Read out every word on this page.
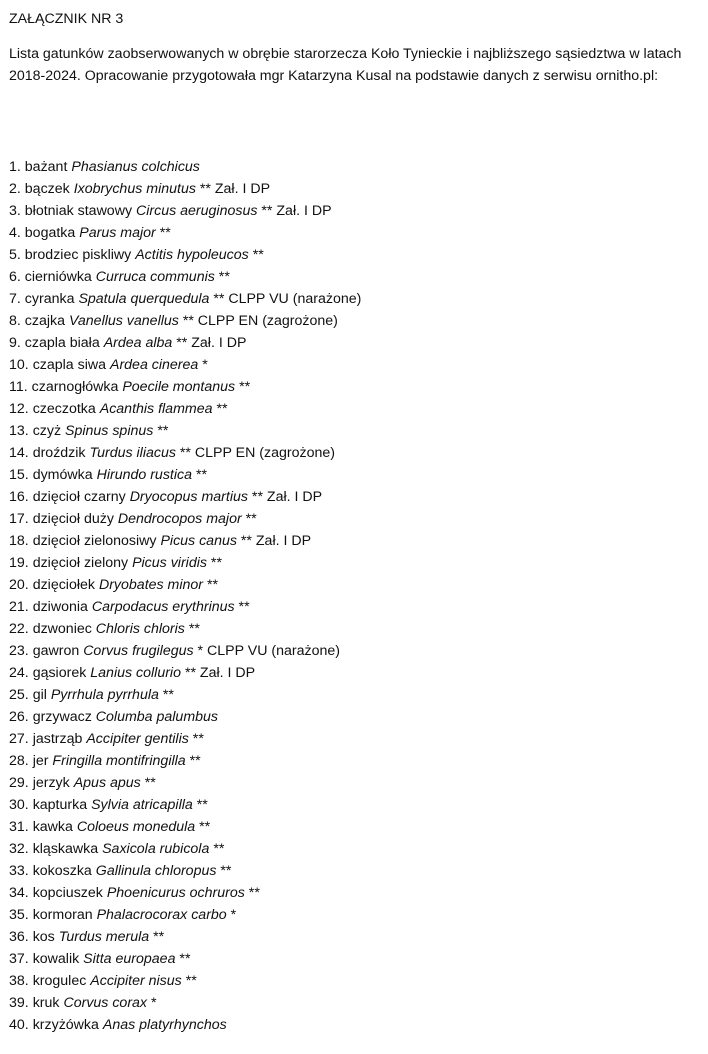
ZAŁĄCZNIK NR 3

Lista gatunków zaobserwowanych w obrębie starorzecza Koło Tynieckie i najbliższego sąsiedztwa w latach 2018-2024. Opracowanie przygotowała mgr Katarzyna Kusal na podstawie danych z serwisu ornitho.pl:

1. bażant Phasianus colchicus
2. bączek Ixobrychus minutus ** Zał. I DP
3. błotniak stawowy Circus aeruginosus ** Zał. I DP
4. bogatka Parus major **
5. brodziec piskliwy Actitis hypoleucos **
6. cierniówka Curruca communis **
7. cyranka Spatula querquedula ** CLPP VU (narażone)
8. czajka Vanellus vanellus ** CLPP EN (zagrożone)
9. czapla biała Ardea alba ** Zał. I DP
10. czapla siwa Ardea cinerea *
11. czarnogłówka Poecile montanus **
12. czeczotka Acanthis flammea **
13. czyż Spinus spinus **
14. droździk Turdus iliacus ** CLPP EN (zagrożone)
15. dymówka Hirundo rustica **
16. dzięcioł czarny Dryocopus martius ** Zał. I DP
17. dzięcioł duży Dendrocopos major **
18. dzięcioł zielonosiwy Picus canus ** Zał. I DP
19. dzięcioł zielony Picus viridis **
20. dzięciołek Dryobates minor **
21. dziwonia Carpodacus erythrinus **
22. dzwoniec Chloris chloris **
23. gawron Corvus frugilegus * CLPP VU (narażone)
24. gąsiorek Lanius collurio ** Zał. I DP
25. gil Pyrrhula pyrrhula **
26. grzywacz Columba palumbus
27. jastrząb Accipiter gentilis **
28. jer Fringilla montifringilla **
29. jerzyk Apus apus **
30. kapturka Sylvia atricapilla **
31. kawka Coloeus monedula **
32. kląskawka Saxicola rubicola **
33. kokoszka Gallinula chloropus **
34. kopciuszek Phoenicurus ochruros **
35. kormoran Phalacrocorax carbo *
36. kos Turdus merula **
37. kowalik Sitta europaea **
38. krogulec Accipiter nisus **
39. kruk Corvus corax *
40. krzyżówka Anas platyrhynchos
